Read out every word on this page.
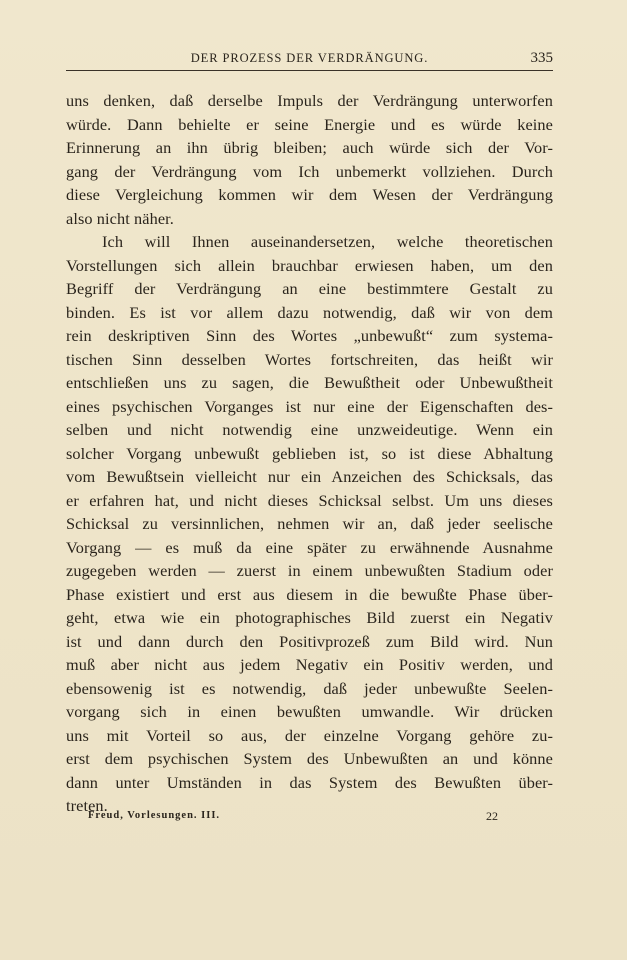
DER PROZESS DER VERDRÄNGUNG.	335
uns denken, daß derselbe Impuls der Verdrängung unterworfen
würde. Dann behielte er seine Energie und es würde keine
Erinnerung an ihn übrig bleiben; auch würde sich der Vor-
gang der Verdrängung vom Ich unbemerkt vollziehen. Durch
diese Vergleichung kommen wir dem Wesen der Verdrängung
also nicht näher.
Ich will Ihnen auseinandersetzen, welche theoretischen
Vorstellungen sich allein brauchbar erwiesen haben, um den
Begriff der Verdrängung an eine bestimmtere Gestalt zu
binden. Es ist vor allem dazu notwendig, daß wir von dem
rein deskriptiven Sinn des Wortes „unbewußt“ zum systema-
tischen Sinn desselben Wortes fortschreiten, das heißt wir
entschließen uns zu sagen, die Bewußtheit oder Unbewußtheit
eines psychischen Vorganges ist nur eine der Eigenschaften des-
selben und nicht notwendig eine unzweideutige. Wenn ein
solcher Vorgang unbewußt geblieben ist, so ist diese Abhaltung
vom Bewußtsein vielleicht nur ein Anzeichen des Schicksals, das
er erfahren hat, und nicht dieses Schicksal selbst. Um uns dieses
Schicksal zu versinnlichen, nehmen wir an, daß jeder seelische
Vorgang — es muß da eine später zu erwähnende Ausnahme
zugegeben werden — zuerst in einem unbewußten Stadium oder
Phase existiert und erst aus diesem in die bewußte Phase über-
geht, etwa wie ein photographisches Bild zuerst ein Negativ
ist und dann durch den Positivprozeß zum Bild wird. Nun
muß aber nicht aus jedem Negativ ein Positiv werden, und
ebensowenig ist es notwendig, daß jeder unbewußte Seelen-
vorgang sich in einen bewußten umwandle. Wir drücken
uns mit Vorteil so aus, der einzelne Vorgang gehöre zu-
erst dem psychischen System des Unbewußten an und könne
dann unter Umständen in das System des Bewußten über-
treten.
Freud, Vorlesungen. III.	22
